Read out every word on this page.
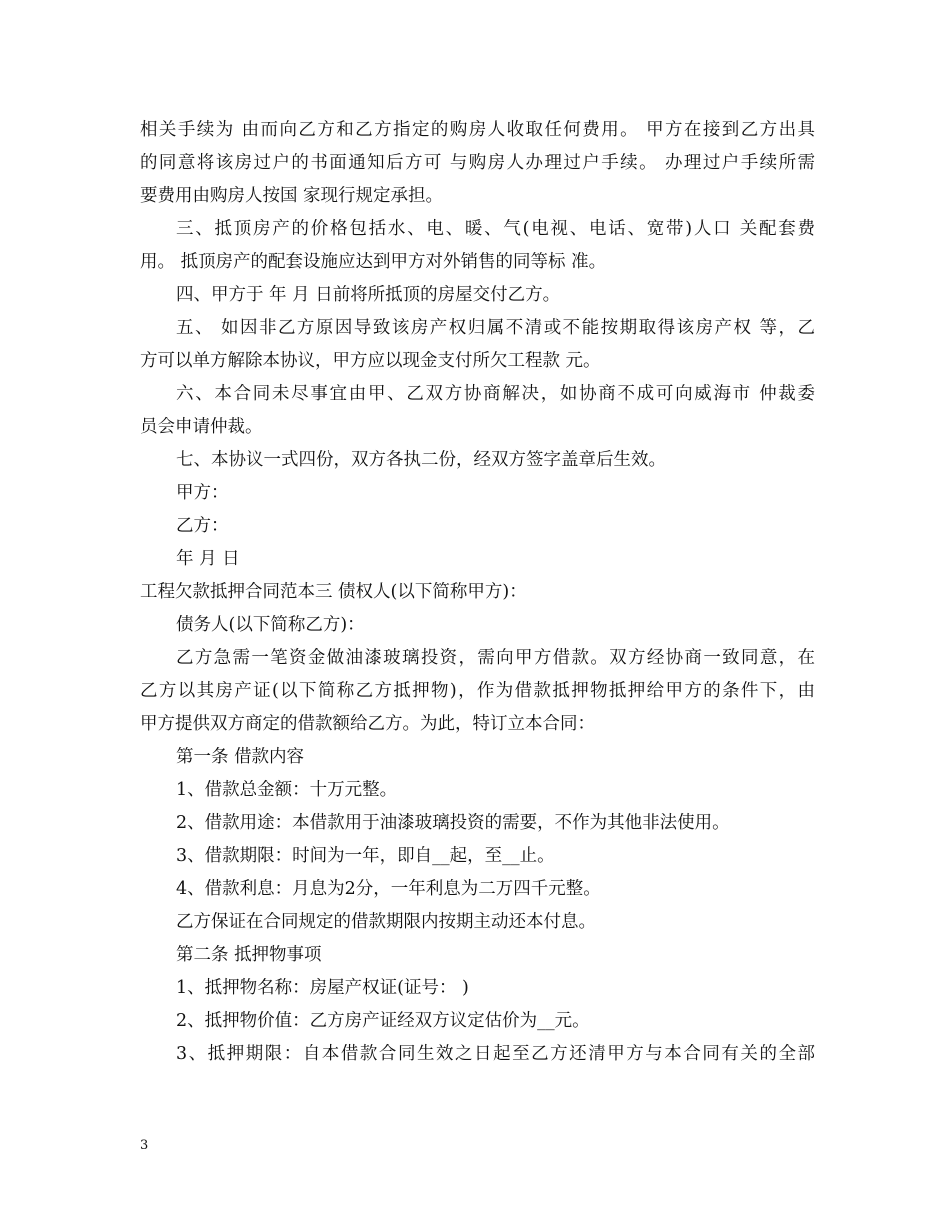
相关手续为 由而向乙方和乙方指定的购房人收取任何费用。 甲方在接到乙方出具
的同意将该房过户的书面通知后方可 与购房人办理过户手续。 办理过户手续所需
要费用由购房人按国 家现行规定承担。
三、抵顶房产的价格包括水、电、暖、气(电视、电话、宽带)人口 关配套费
用。 抵顶房产的配套设施应达到甲方对外销售的同等标 准。
四、甲方于 年 月 日前将所抵顶的房屋交付乙方。
五、 如因非乙方原因导致该房产权归属不清或不能按期取得该房产权 等，乙
方可以单方解除本协议，甲方应以现金支付所欠工程款 元。
六、本合同未尽事宜由甲、乙双方协商解决，如协商不成可向威海市 仲裁委
员会申请仲裁。
七、本协议一式四份，双方各执二份，经双方签字盖章后生效。
甲方：
乙方：
年 月 日
工程欠款抵押合同范本三 债权人(以下简称甲方)：
债务人(以下简称乙方)：
乙方急需一笔资金做油漆玻璃投资，需向甲方借款。双方经协商一致同意，在
乙方以其房产证(以下简称乙方抵押物)，作为借款抵押物抵押给甲方的条件下，由
甲方提供双方商定的借款额给乙方。为此，特订立本合同：
第一条 借款内容
1、借款总金额：十万元整。
2、借款用途：本借款用于油漆玻璃投资的需要，不作为其他非法使用。
3、借款期限：时间为一年，即自__起，至__止。
4、借款利息：月息为2分，一年利息为二万四千元整。
乙方保证在合同规定的借款期限内按期主动还本付息。
第二条 抵押物事项
1、抵押物名称：房屋产权证(证号： )
2、抵押物价值：乙方房产证经双方议定估价为__元。
3、抵押期限：自本借款合同生效之日起至乙方还清甲方与本合同有关的全部
3
